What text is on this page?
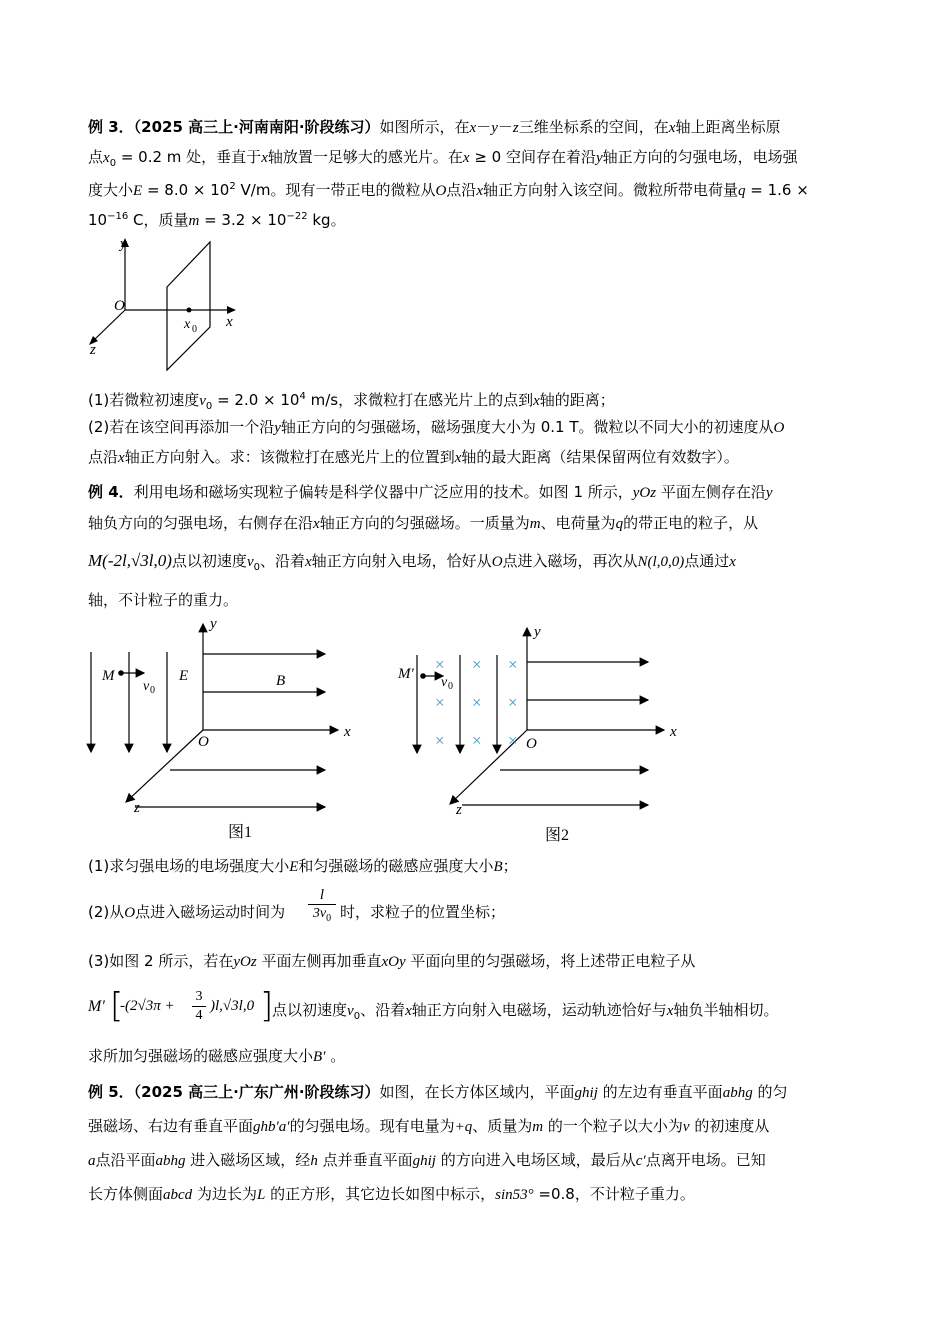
例 3．（2025 高三上·河南南阳·阶段练习）如图所示，在x－y－z三维坐标系的空间，在x轴上距离坐标原
点$x_0 = 0.2$ m 处，垂直于x轴放置一足够大的感光片。在x ≥ 0 空间存在着沿y轴正方向的匀强电场，电场强
度大小$E = 8.0 \times 10^2$ V/m。现有一带正电的微粒从O点沿x轴正方向射入该空间。微粒所带电荷量q = 1.6 ×
$10^{-16}$ C，质量$m = 3.2 \times 10^{-22}$ kg。
y
O
x
z
x 0
(1)若微粒初速度$v_0 = 2.0 \times 10^4$ m/s，求微粒打在感光片上的点到x轴的距离；
(2)若在该空间再添加一个沿y轴正方向的匀强磁场，磁场强度大小为 0.1 T。微粒以不同大小的初速度从O
点沿x轴正方向射入。求：该微粒打在感光片上的位置到x轴的最大距离（结果保留两位有效数字）。
例 4．利用电场和磁场实现粒子偏转是科学仪器中广泛应用的技术。如图 1 所示，yOz 平面左侧存在沿y
轴负方向的匀强电场，右侧存在沿x轴正方向的匀强磁场。一质量为m、电荷量为q的带正电的粒子，从
M(-2l,√3l,0)点以初速度$v_0$、沿着x轴正方向射入电场，恰好从O点进入磁场，再次从N(l,0,0)点通过x
轴，不计粒子的重力。
y
x
O
z
E	B
M
v 0
图1
× × ×
× × ×
× × ×
y
x
O
z
M′
v 0
图2
(1)求匀强电场的电场强度大小E和匀强磁场的磁感应强度大小B；
(2)从O点进入磁场运动时间为
l
$3v_0$ 时，求粒子的位置坐标；
(3)如图 2 所示，若在yOz 平面左侧再加垂直xOy 平面向里的匀强磁场，将上述带正电粒子从
M′ [
-(2√3π +
3
4
)l,√3l,0 ]
点以初速度$v_0$、沿着x轴正方向射入电磁场，运动轨迹恰好与x轴负半轴相切。
求所加匀强磁场的磁感应强度大小B′ 。
例 5．（2025 高三上·广东广州·阶段练习）如图，在长方体区域内，平面ghij 的左边有垂直平面abhg 的匀
强磁场、右边有垂直平面ghb′a′的匀强电场。现有电量为+q、质量为m 的一个粒子以大小为v 的初速度从
a点沿平面abhg 进入磁场区域，经h 点并垂直平面ghij 的方向进入电场区域，最后从c′点离开电场。已知
长方体侧面abcd 为边长为L 的正方形，其它边长如图中标示，sin53° =0.8，不计粒子重力。
